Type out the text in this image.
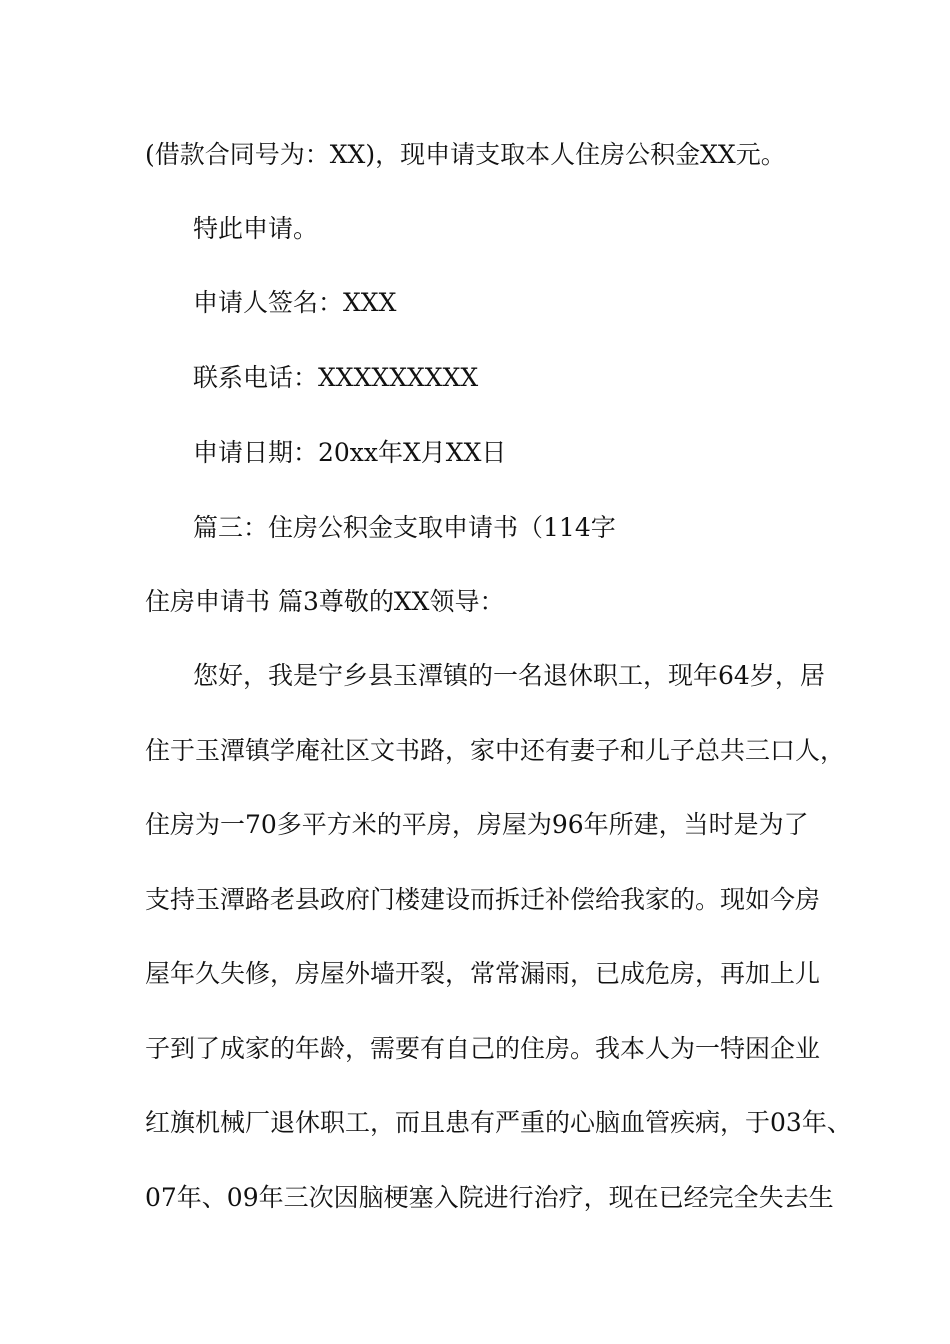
(借款合同号为：XX)，现申请支取本人住房公积金XX元。
特此申请。
申请人签名：XXX
联系电话：XXXXXXXXX
申请日期：20xx年X月XX日
篇三：住房公积金支取申请书（114字
住房申请书 篇3尊敬的XX领导：
您好，我是宁乡县玉潭镇的一名退休职工，现年64岁，居
住于玉潭镇学庵社区文书路，家中还有妻子和儿子总共三口人，
住房为一70多平方米的平房，房屋为96年所建，当时是为了
支持玉潭路老县政府门楼建设而拆迁补偿给我家的。现如今房
屋年久失修，房屋外墙开裂，常常漏雨，已成危房，再加上儿
子到了成家的年龄，需要有自己的住房。我本人为一特困企业
红旗机械厂退休职工，而且患有严重的心脑血管疾病，于03年、
07年、09年三次因脑梗塞入院进行治疗，现在已经完全失去生
